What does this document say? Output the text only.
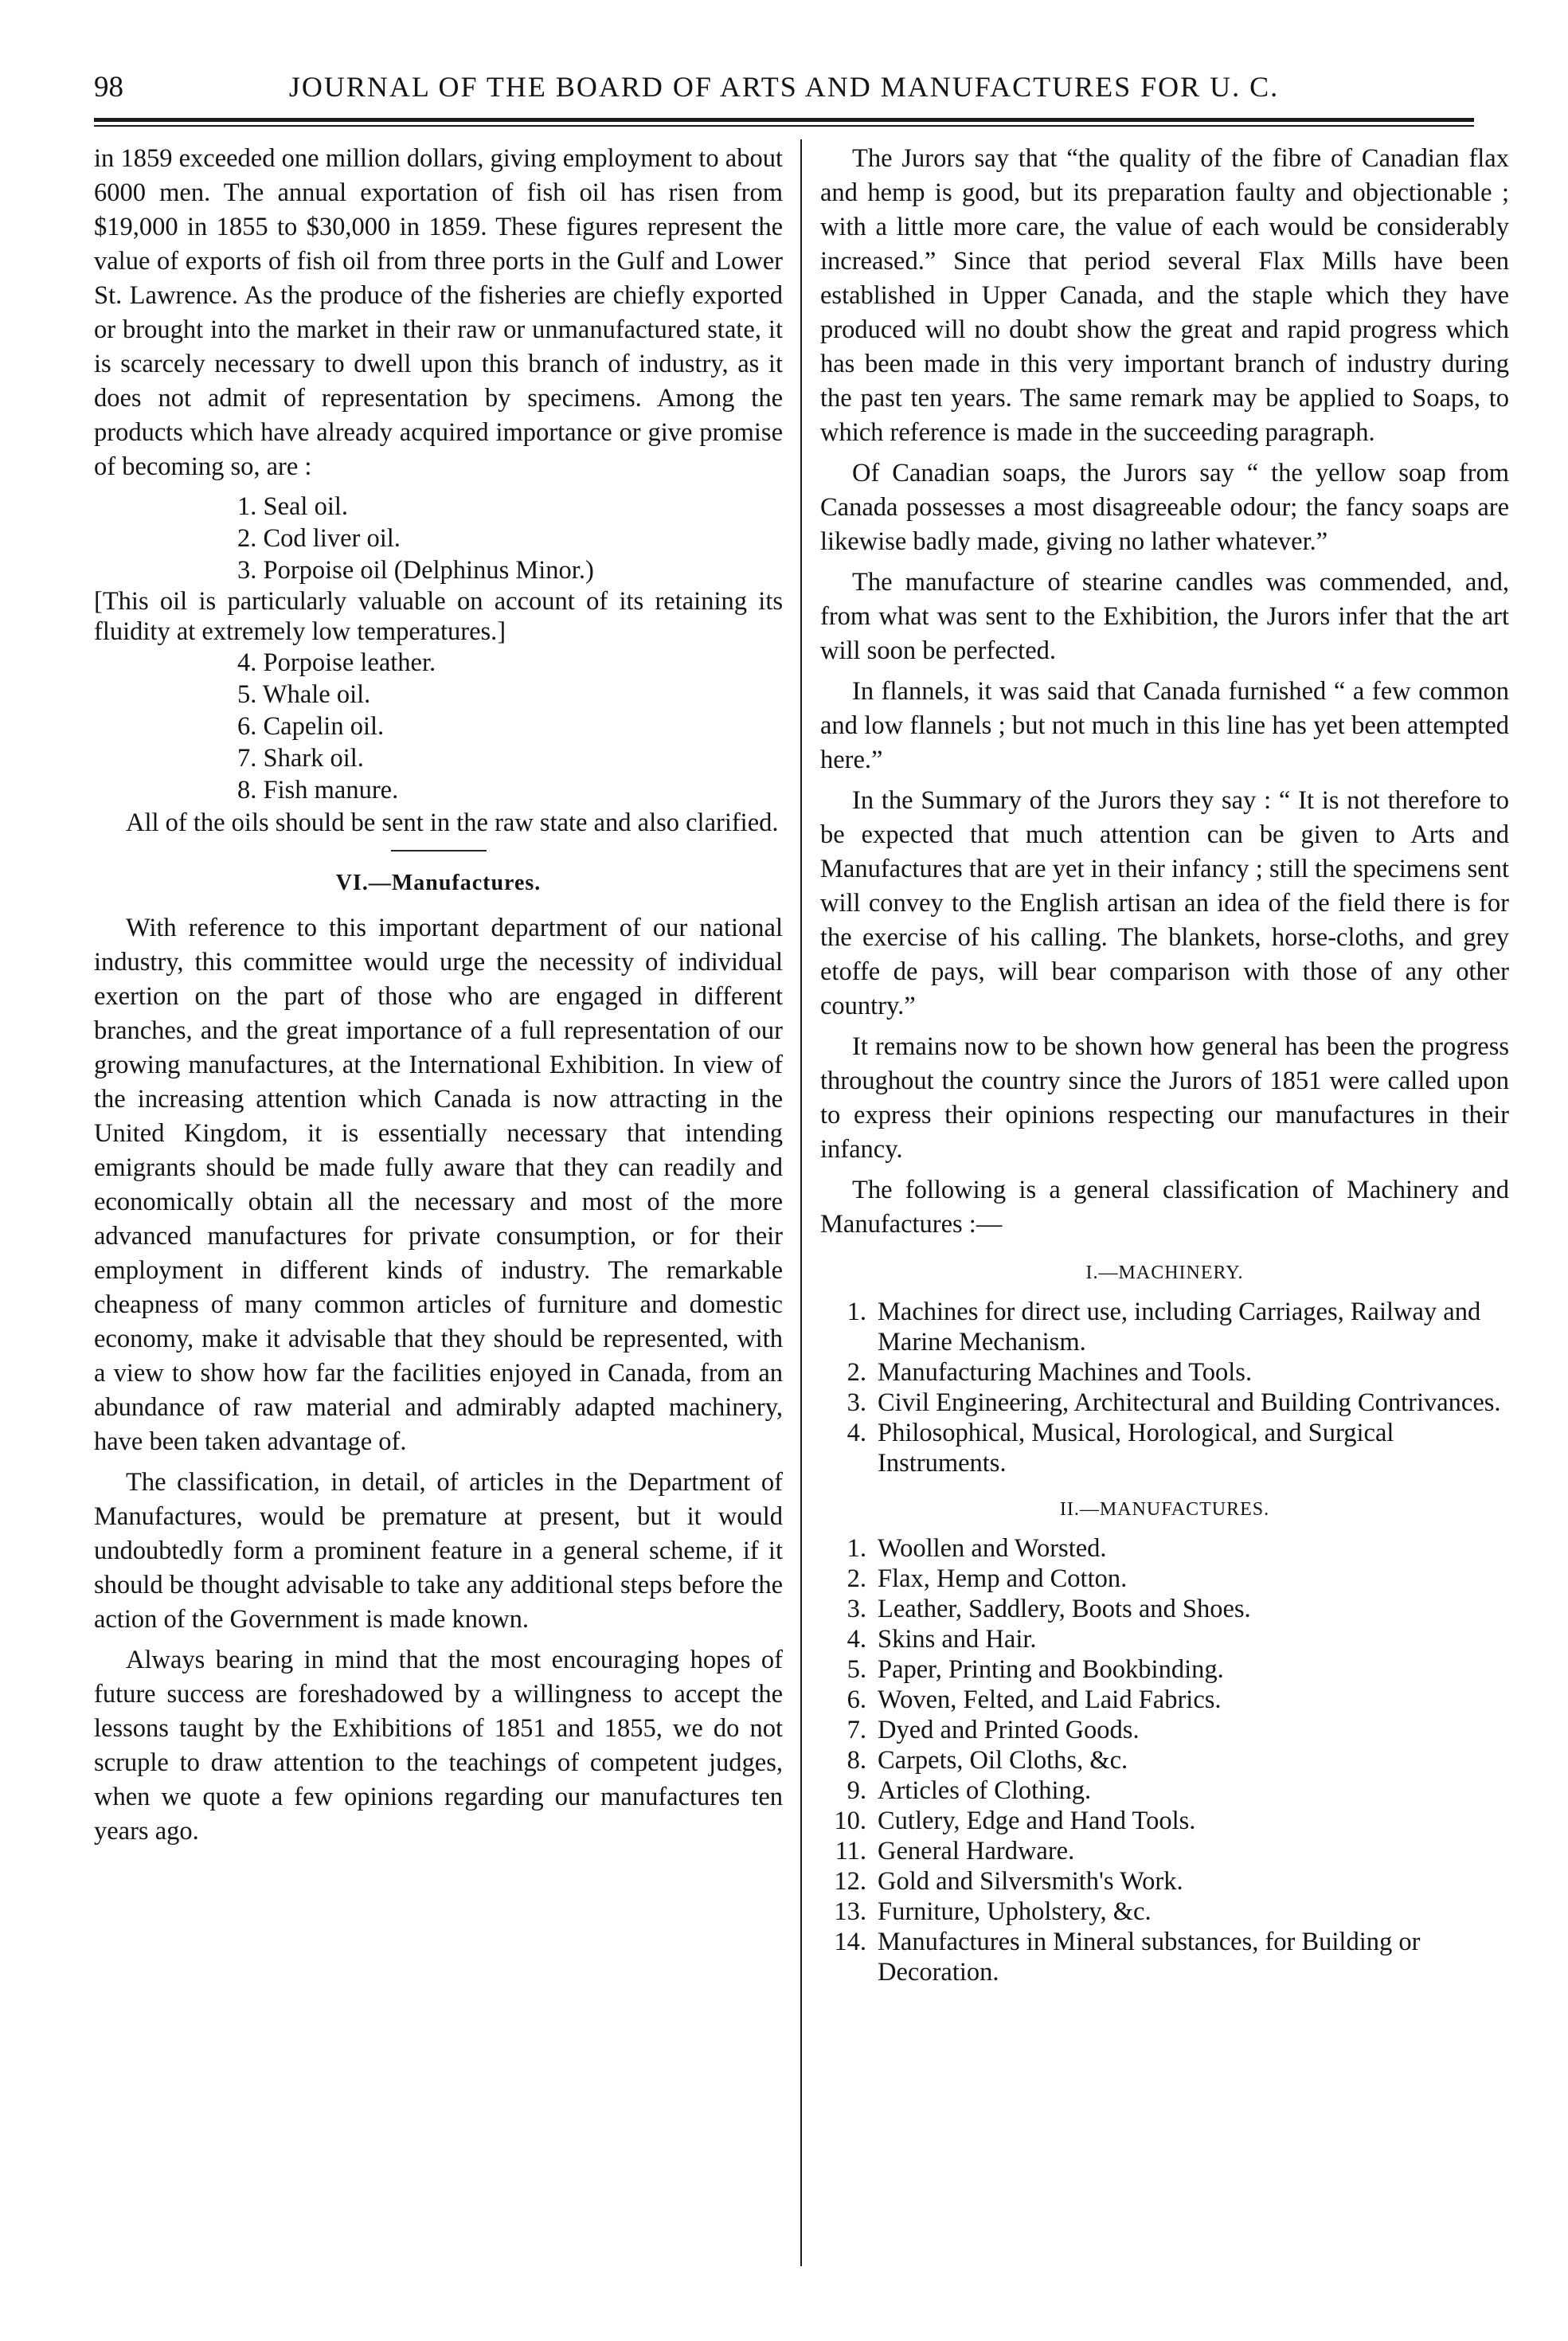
98	JOURNAL OF THE BOARD OF ARTS AND MANUFACTURES FOR U. C.

in 1859 exceeded one million dollars, giving employment to about 6000 men. The annual exportation of fish oil has risen from $19,000 in 1855 to $30,000 in 1859. These figures represent the value of exports of fish oil from three ports in the Gulf and Lower St. Lawrence. As the produce of the fisheries are chiefly exported or brought into the market in their raw or unmanufactured state, it is scarcely necessary to dwell upon this branch of industry, as it does not admit of representation by specimens. Among the products which have already acquired importance or give promise of becoming so, are :

1. Seal oil.
2. Cod liver oil.
3. Porpoise oil (Delphinus Minor.)

[This oil is particularly valuable on account of its retaining its fluidity at extremely low temperatures.]

4. Porpoise leather.
5. Whale oil.
6. Capelin oil.
7. Shark oil.
8. Fish manure.

All of the oils should be sent in the raw state and also clarified.

VI.—Manufactures.

With reference to this important department of our national industry, this committee would urge the necessity of individual exertion on the part of those who are engaged in different branches, and the great importance of a full representation of our growing manufactures, at the International Exhibition. In view of the increasing attention which Canada is now attracting in the United Kingdom, it is essentially necessary that intending emigrants should be made fully aware that they can readily and economically obtain all the necessary and most of the more advanced manufactures for private consumption, or for their employment in different kinds of industry. The remarkable cheapness of many common articles of furniture and domestic economy, make it advisable that they should be represented, with a view to show how far the facilities enjoyed in Canada, from an abundance of raw material and admirably adapted machinery, have been taken advantage of.

The classification, in detail, of articles in the Department of Manufactures, would be premature at present, but it would undoubtedly form a prominent feature in a general scheme, if it should be thought advisable to take any additional steps before the action of the Government is made known.

Always bearing in mind that the most encouraging hopes of future success are foreshadowed by a willingness to accept the lessons taught by the Exhibitions of 1851 and 1855, we do not scruple to draw attention to the teachings of competent judges, when we quote a few opinions regarding our manufactures ten years ago.

The Jurors say that “the quality of the fibre of Canadian flax and hemp is good, but its preparation faulty and objectionable ; with a little more care, the value of each would be considerably increased.” Since that period several Flax Mills have been established in Upper Canada, and the staple which they have produced will no doubt show the great and rapid progress which has been made in this very important branch of industry during the past ten years. The same remark may be applied to Soaps, to which reference is made in the succeeding paragraph.

Of Canadian soaps, the Jurors say “ the yellow soap from Canada possesses a most disagreeable odour; the fancy soaps are likewise badly made, giving no lather whatever.”

The manufacture of stearine candles was commended, and, from what was sent to the Exhibition, the Jurors infer that the art will soon be perfected.

In flannels, it was said that Canada furnished “ a few common and low flannels ; but not much in this line has yet been attempted here.”

In the Summary of the Jurors they say : “ It is not therefore to be expected that much attention can be given to Arts and Manufactures that are yet in their infancy ; still the specimens sent will convey to the English artisan an idea of the field there is for the exercise of his calling. The blankets, horse-cloths, and grey etoffe de pays, will bear comparison with those of any other country.”

It remains now to be shown how general has been the progress throughout the country since the Jurors of 1851 were called upon to express their opinions respecting our manufactures in their infancy.

The following is a general classification of Machinery and Manufactures :—

I.—MACHINERY.
1. Machines for direct use, including Carriages, Railway and Marine Mechanism.
2. Manufacturing Machines and Tools.
3. Civil Engineering, Architectural and Building Contrivances.
4. Philosophical, Musical, Horological, and Surgical Instruments.
II.—MANUFACTURES.
1. Woollen and Worsted.
2. Flax, Hemp and Cotton.
3. Leather, Saddlery, Boots and Shoes.
4. Skins and Hair.
5. Paper, Printing and Bookbinding.
6. Woven, Felted, and Laid Fabrics.
7. Dyed and Printed Goods.
8. Carpets, Oil Cloths, &c.
9. Articles of Clothing.
10. Cutlery, Edge and Hand Tools.
11. General Hardware.
12. Gold and Silversmith's Work.
13. Furniture, Upholstery, &c.
14. Manufactures in Mineral substances, for Building or Decoration.
